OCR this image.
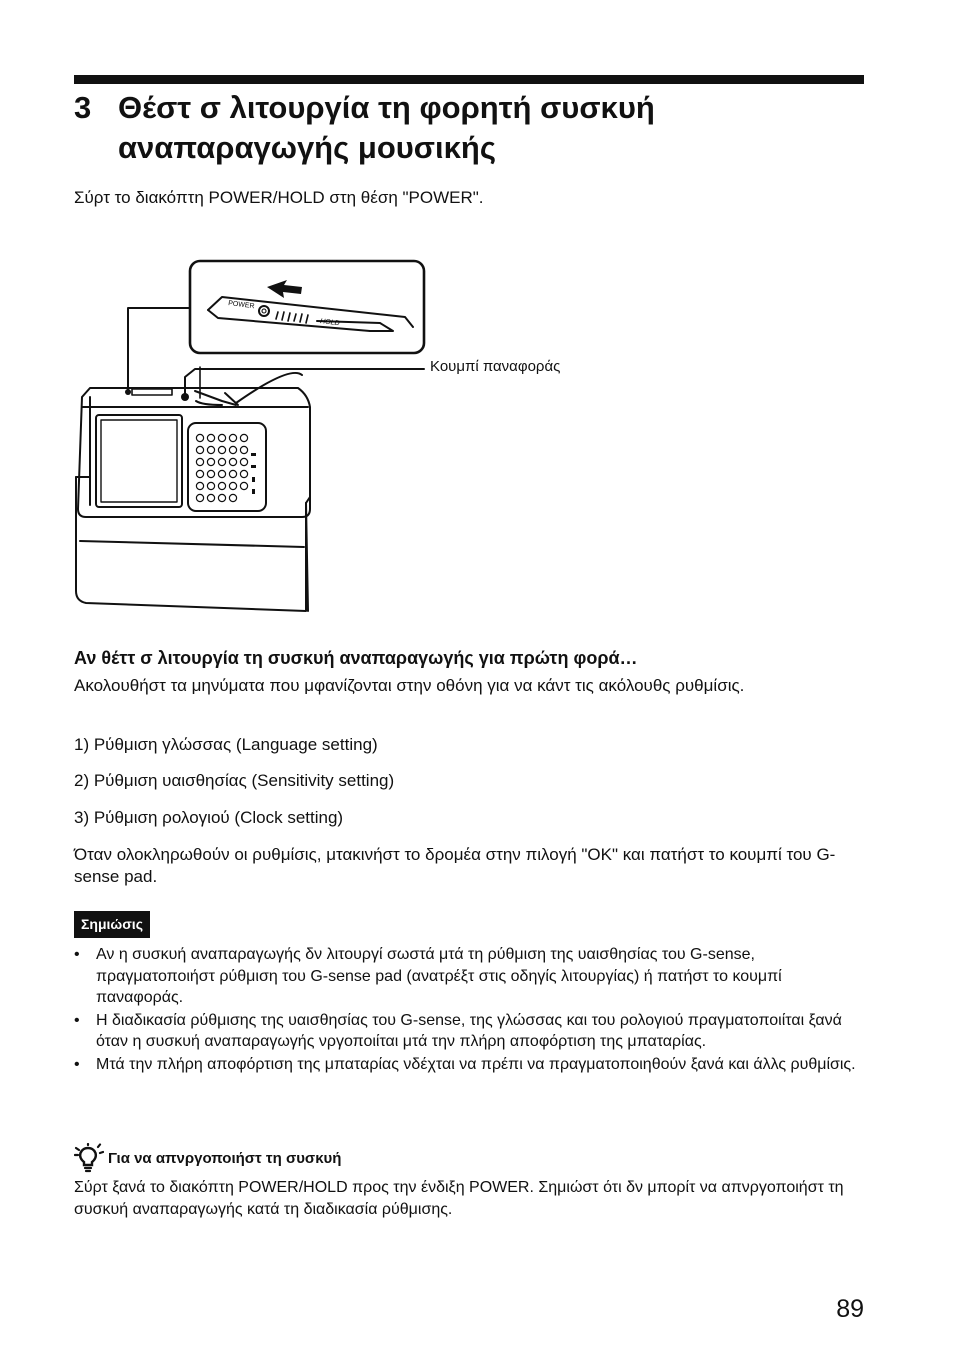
3 Θέστ σ λιτουργία τη φορητή συσκυή αναπαραγωγής μουσικής
Σύρτ το διακόπτη POWER/HOLD στη θέση "POWER".
POWER
HOLD
Κουμπί παναφοράς
Αν θέττ σ λιτουργία τη συσκυή αναπαραγωγής για πρώτη φορά…
Ακολουθήστ τα μηνύματα που μφανίζονται στην οθόνη για να κάντ τις ακόλουθς ρυθμίσις.
1) Ρύθμιση γλώσσας (Language setting)
2) Ρύθμιση υαισθησίας (Sensitivity setting)
3) Ρύθμιση ρολογιού (Clock setting)
Όταν ολοκληρωθούν οι ρυθμίσις, μτακινήστ το δρομέα στην πιλογή "OK" και πατήστ το κουμπί του G-sense pad.
Σημιώσις
• Αν η συσκυή αναπαραγωγής δν λιτουργί σωστά μτά τη ρύθμιση της υαισθησίας του G-sense, πραγματοποιήστ ρύθμιση του G-sense pad (ανατρέξτ στις οδηγίς λιτουργίας) ή πατήστ το κουμπί παναφοράς.
• Η διαδικασία ρύθμισης της υαισθησίας του G-sense, της γλώσσας και του ρολογιού πραγματοποιίται ξανά όταν η συσκυή αναπαραγωγής νργοποιίται μτά την πλήρη αποφόρτιση της μπαταρίας.
• Μτά την πλήρη αποφόρτιση της μπαταρίας νδέχται να πρέπι να πραγματοποιηθούν ξανά και άλλς ρυθμίσις.
Για να απνργοποιήστ τη συσκυή
Σύρτ ξανά το διακόπτη POWER/HOLD προς την ένδιξη POWER. Σημιώστ ότι δν μπορίτ να απνργοποιήστ τη συσκυή αναπαραγωγής κατά τη διαδικασία ρύθμισης.
89
